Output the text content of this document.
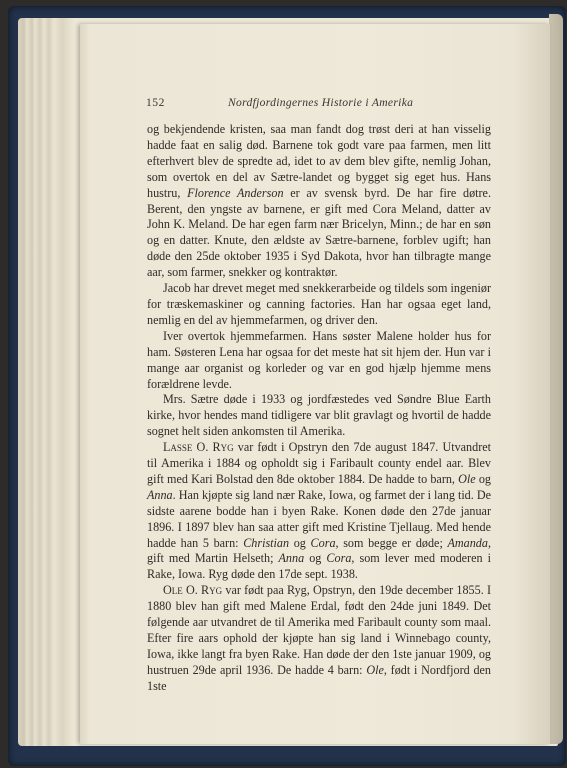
152	Nordfjordingernes Historie i Amerika

og bekjendende kristen, saa man fandt dog trøst deri at han visselig hadde faat en salig død. Barnene tok godt vare paa farmen, men litt efterhvert blev de spredte ad, idet to av dem blev gifte, nemlig Johan, som overtok en del av Sætre-landet og bygget sig eget hus. Hans hustru, Florence Anderson er av svensk byrd. De har fire døtre. Berent, den yngste av barnene, er gift med Cora Meland, datter av John K. Meland. De har egen farm nær Bricelyn, Minn.; de har en søn og en datter. Knute, den ældste av Sætre-barnene, forblev ugift; han døde den 25de oktober 1935 i Syd Dakota, hvor han tilbragte mange aar, som farmer, snekker og kontraktør.

Jacob har drevet meget med snekkerarbeide og tildels som ingeniør for træskemaskiner og canning factories. Han har ogsaa eget land, nemlig en del av hjemmefarmen, og driver den.

Iver overtok hjemmefarmen. Hans søster Malene holder hus for ham. Søsteren Lena har ogsaa for det meste hat sit hjem der. Hun var i mange aar organist og korleder og var en god hjælp hjemme mens forældrene levde.

Mrs. Sætre døde i 1933 og jordfæstedes ved Søndre Blue Earth kirke, hvor hendes mand tidligere var blit gravlagt og hvortil de hadde sognet helt siden ankomsten til Amerika.

Lasse O. Ryg var født i Opstryn den 7de august 1847. Utvandret til Amerika i 1884 og opholdt sig i Faribault county endel aar. Blev gift med Kari Bolstad den 8de oktober 1884. De hadde to barn, Ole og Anna. Han kjøpte sig land nær Rake, Iowa, og farmet der i lang tid. De sidste aarene bodde han i byen Rake. Konen døde den 27de januar 1896. I 1897 blev han saa atter gift med Kristine Tjellaug. Med hende hadde han 5 barn: Christian og Cora, som begge er døde; Amanda, gift med Martin Helseth; Anna og Cora, som lever med moderen i Rake, Iowa. Ryg døde den 17de sept. 1938.

Ole O. Ryg var født paa Ryg, Opstryn, den 19de december 1855. I 1880 blev han gift med Malene Erdal, født den 24de juni 1849. Det følgende aar utvandret de til Amerika med Faribault county som maal. Efter fire aars ophold der kjøpte han sig land i Winnebago county, Iowa, ikke langt fra byen Rake. Han døde der den 1ste januar 1909, og hustruen 29de april 1936. De hadde 4 barn: Ole, født i Nordfjord den 1ste
